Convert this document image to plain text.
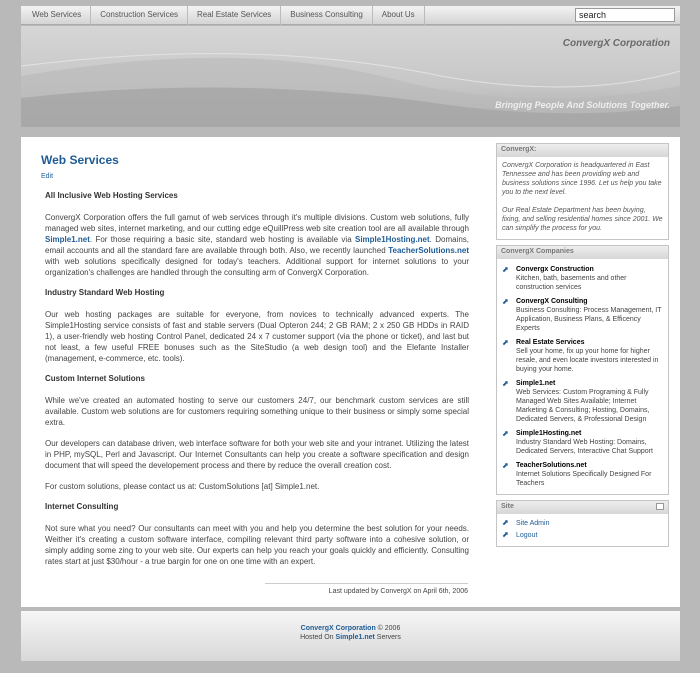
Web Services	Construction Services	Real Estate Services	Business Consulting	About Us
search
ConvergX Corporation
Bringing People And Solutions Together.
Web Services
Edit
All Inclusive Web Hosting Services

ConvergX Corporation offers the full gamut of web services through it's multiple divisions. Custom web solutions, fully managed web sites, internet marketing, and our cutting edge eQuillPress web site creation tool are all available through Simple1.net. For those requiring a basic site, standard web hosting is available via Simple1Hosting.net. Domains, email accounts and all the standard fare are available through both. Also, we recently launched TeacherSolutions.net with web solutions specifically designed for today's teachers. Additional support for internet solutions to your organization's challenges are handled through the consulting arm of ConvergX Corporation.

Industry Standard Web Hosting

Our web hosting packages are suitable for everyone, from novices to technically advanced experts. The Simple1Hosting service consists of fast and stable servers (Dual Opteron 244; 2 GB RAM; 2 x 250 GB HDDs in RAID 1), a user-friendly web hosting Control Panel, dedicated 24 x 7 customer support (via the phone or ticket), and last but not least, a few useful FREE bonuses such as the SiteStudio (a web design tool) and the Elefante Installer (management, e-commerce, etc. tools).

Custom Internet Solutions

While we've created an automated hosting to serve our customers 24/7, our benchmark custom services are still available. Custom web solutions are for customers requiring something unique to their business or simply some special extra.

Our developers can database driven, web interface software for both your web site and your intranet. Utilizing the latest in PHP, mySQL, Perl and Javascript. Our Internet Consultants can help you create a software specification and design document that will speed the developement process and there by reduce the overall creation cost.

For custom solutions, please contact us at: CustomSolutions [at] Simple1.net.

Internet Consulting

Not sure what you need? Our consultants can meet with you and help you determine the best solution for your needs. Weither it's creating a custom software interface, compiling relevant third party software into a cohesive solution, or simply adding some zing to your web site. Our experts can help you reach your goals quickly and efficiently. Consulting rates start at just $30/hour - a true bargin for one on one time with an expert.

Last updated by ConvergX on April 6th, 2006
ConvergX:

ConvergX Corporation is headquartered in East Tennessee and has been providing web and business solutions since 1996. Let us help you take you to the next level.

Our Real Estate Department has been buying, fixing, and selling residential homes since 2001. We can simplify the process for you.

ConvergX Companies
⬈	Convergx Construction
Kitchen, bath, basements and other construction services
⬈	ConvergX Consulting
Business Consulting: Process Management, IT Application, Business Plans, & Efficency Experts
⬈	Real Estate Services
Sell your home, fix up your home for higher resale, and even locate investors interested in buying your home.
⬈	Simple1.net
Web Services: Custom Programing & Fully Managed Web Sites Available; Internet Marketing & Consulting; Hosting, Domains, Dedicated Servers, & Professional Design
⬈	Simple1Hosting.net
Industry Standard Web Hosting: Domains, Dedicated Servers, Interactive Chat Support
⬈	TeacherSolutions.net
Internet Solutions Specifically Designed For Teachers
Site
⬈	Site Admin
⬈	Logout
ConvergX Corporation © 2006
Hosted On Simple1.net Servers
